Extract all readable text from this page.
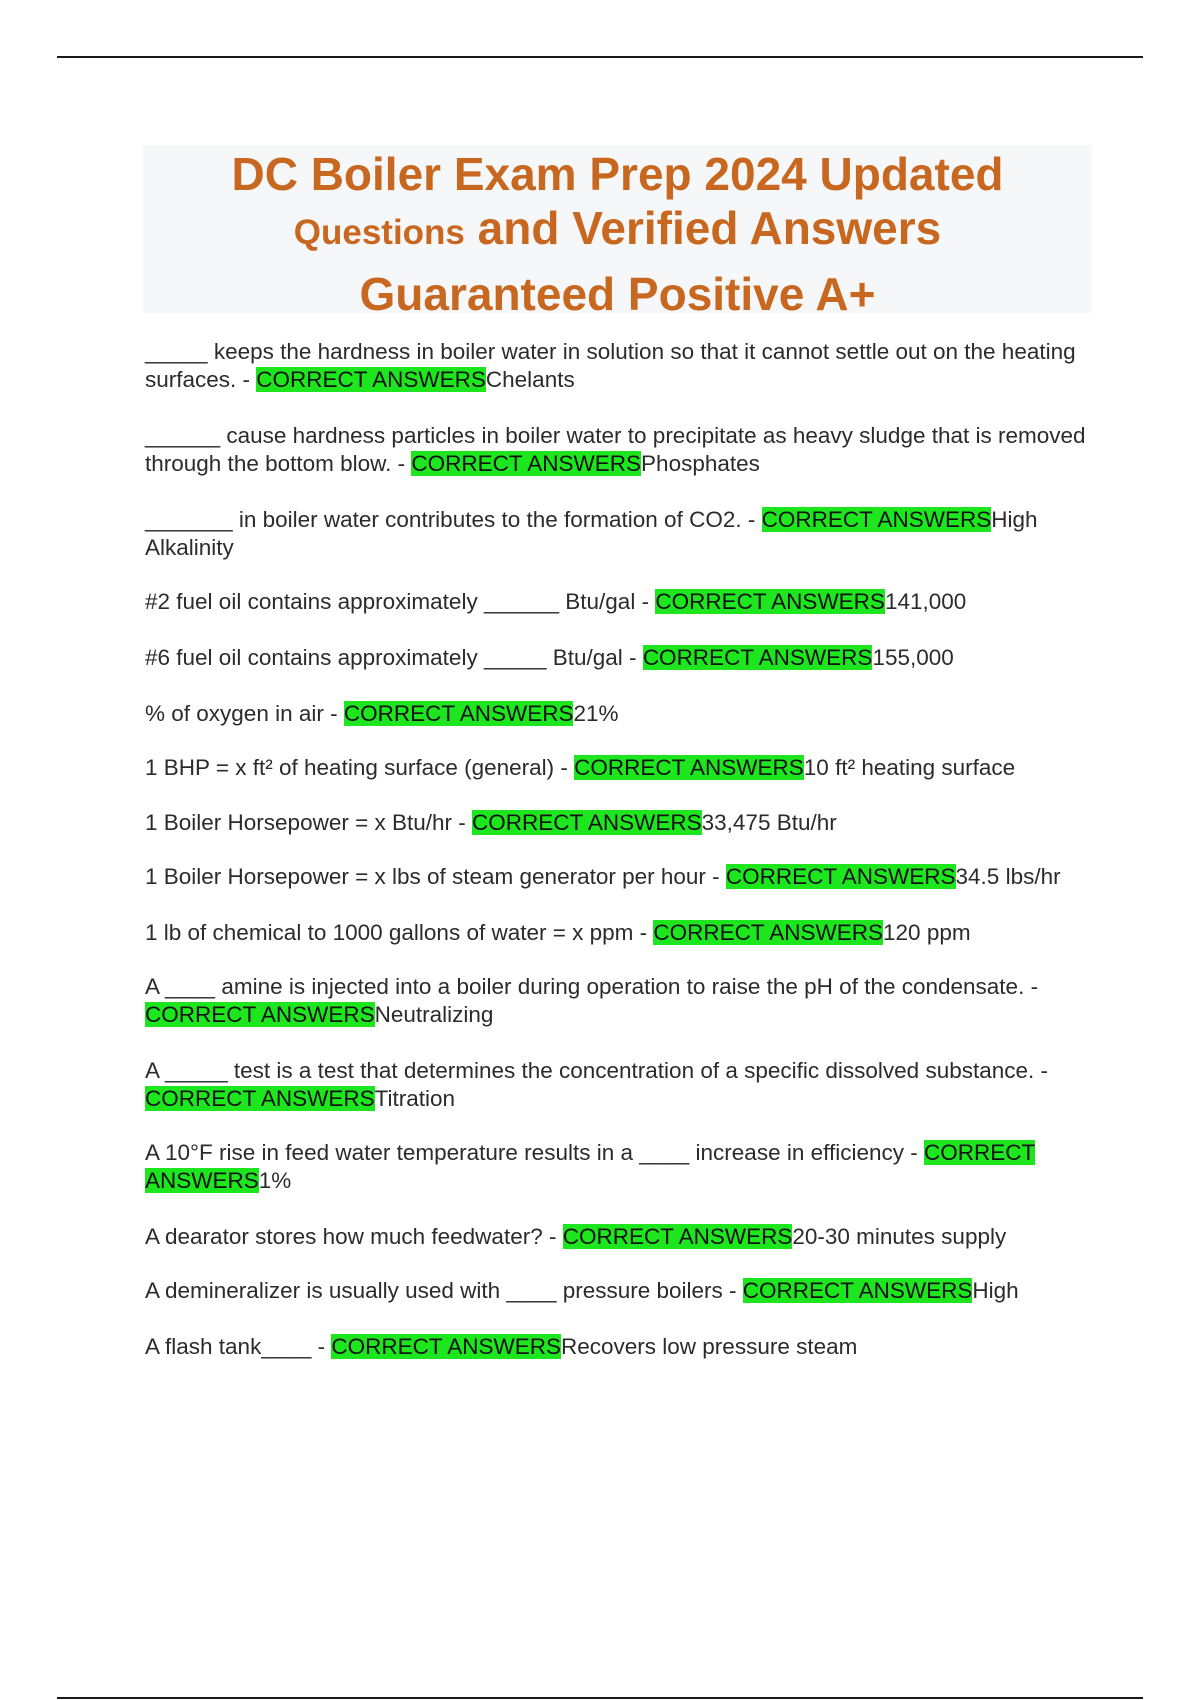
DC Boiler Exam Prep 2024 Updated
Questions and Verified Answers
Guaranteed Positive A+

_____ keeps the hardness in boiler water in solution so that it cannot settle out on the heating surfaces. - CORRECT ANSWERSChelants

______ cause hardness particles in boiler water to precipitate as heavy sludge that is removed through the bottom blow. - CORRECT ANSWERSPhosphates

_______ in boiler water contributes to the formation of CO2. - CORRECT ANSWERSHigh Alkalinity

#2 fuel oil contains approximately ______ Btu/gal - CORRECT ANSWERS141,000

#6 fuel oil contains approximately _____ Btu/gal - CORRECT ANSWERS155,000

% of oxygen in air - CORRECT ANSWERS21%

1 BHP = x ft² of heating surface (general) - CORRECT ANSWERS10 ft² heating surface

1 Boiler Horsepower = x Btu/hr - CORRECT ANSWERS33,475 Btu/hr

1 Boiler Horsepower = x lbs of steam generator per hour - CORRECT ANSWERS34.5 lbs/hr

1 lb of chemical to 1000 gallons of water = x ppm - CORRECT ANSWERS120 ppm

A ____ amine is injected into a boiler during operation to raise the pH of the condensate. - CORRECT ANSWERSNeutralizing

A _____ test is a test that determines the concentration of a specific dissolved substance. - CORRECT ANSWERSTitration

A 10°F rise in feed water temperature results in a ____ increase in efficiency - CORRECT ANSWERS1%

A dearator stores how much feedwater? - CORRECT ANSWERS20-30 minutes supply

A demineralizer is usually used with ____ pressure boilers - CORRECT ANSWERSHigh

A flash tank____ - CORRECT ANSWERSRecovers low pressure steam
